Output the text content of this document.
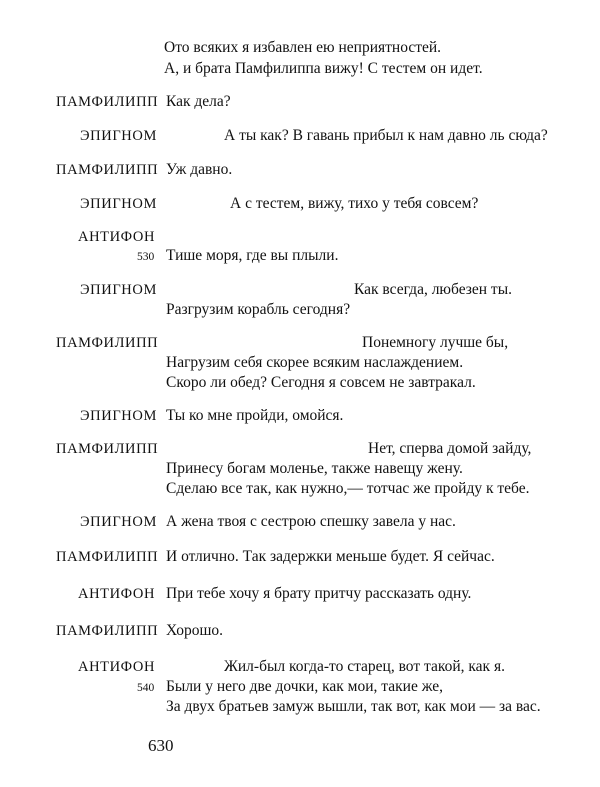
Ото всяких я избавлен ею неприятностей.
А, и брата Памфилиппа вижу! С тестем он идет.
ПАМФИЛИПП Как дела?
ЭПИГНОМ	А ты как? В гавань прибыл к нам давно ль сюда?
ПАМФИЛИПП Уж давно.
ЭПИГНОМ	А с тестем, вижу, тихо у тебя совсем?
АНТИФОН
530 Тише моря, где вы плыли.
ЭПИГНОМ	Как всегда, любезен ты.
Разгрузим корабль сегодня?
ПАМФИЛИПП	Понемногу лучше бы,
Нагрузим себя скорее всяким наслаждением.
Скоро ли обед? Сегодня я совсем не завтракал.
ЭПИГНОМ Ты ко мне пройди, омойся.
ПАМФИЛИПП	Нет, сперва домой зайду,
Принесу богам моленье, также навещу жену.
Сделаю все так, как нужно,— тотчас же пройду к тебе.
ЭПИГНОМ А жена твоя с сестрою спешку завела у нас.
ПАМФИЛИПП И отлично. Так задержки меньше будет. Я сейчас.
АНТИФОН При тебе хочу я брату притчу рассказать одну.
ПАМФИЛИПП Хорошо.
АНТИФОН	Жил-был когда-то старец, вот такой, как я.
540 Были у него две дочки, как мои, такие же,
За двух братьев замуж вышли, так вот, как мои — за вас.
630
